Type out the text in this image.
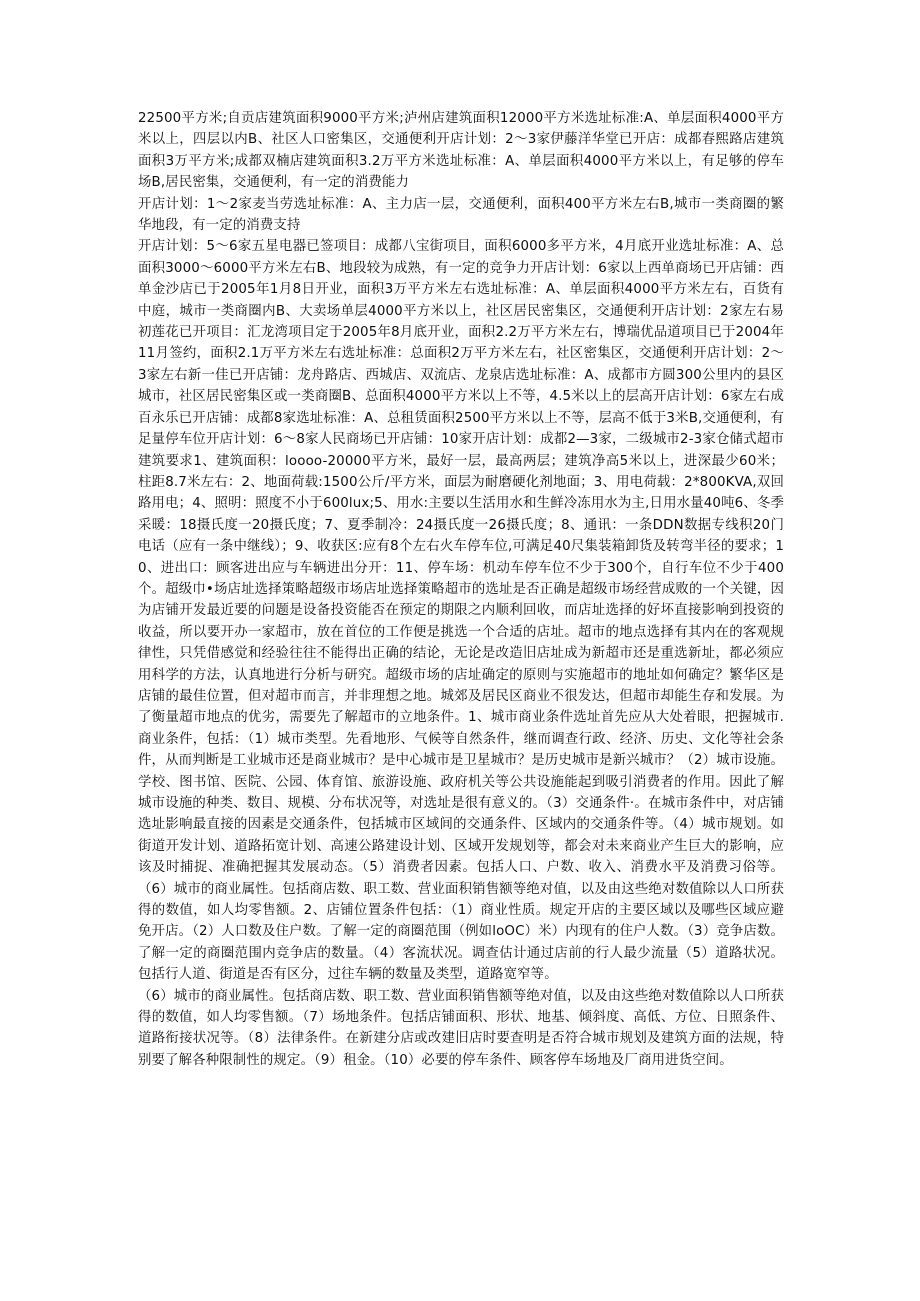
22500平方米;自贡店建筑面积9000平方米;泸州店建筑面积12000平方米选址标准:A、单层面积4000平方米以上，四层以内B、社区人口密集区，交通便利开店计划：2～3家伊藤洋华堂已开店：成都春熙路店建筑面积3万平方米;成都双楠店建筑面积3.2万平方米选址标准：A、单层面积4000平方米以上，有足够的停车场B,居民密集，交通便利，有一定的消费能力

开店计划：1～2家麦当劳选址标准：A、主力店一层，交通便利，面积400平方米左右B,城市一类商圈的繁华地段，有一定的消费支持

开店计划：5～6家五星电器已签项目：成都八宝街项目，面积6000多平方米，4月底开业选址标准：A、总面积3000～6000平方米左右B、地段较为成熟，有一定的竞争力开店计划：6家以上西单商场已开店铺：西单金沙店已于2005年1月8日开业，面积3万平方米左右选址标准：A、单层面积4000平方米左右，百货有中庭，城市一类商圈内B、大卖场单层4000平方米以上，社区居民密集区，交通便利开店计划：2家左右易初莲花已开项目：汇龙湾项目定于2005年8月底开业，面积2.2万平方米左右，博瑞优品道项目已于2004年11月签约，面积2.1万平方米左右选址标准：总面积2万平方米左右，社区密集区，交通便利开店计划：2～3家左右新一佳已开店铺：龙舟路店、西城店、双流店、龙泉店选址标准：A、成都市方圆300公里内的县区城市，社区居民密集区或一类商圈B、总面积4000平方米以上不等，4.5米以上的层高开店计划：6家左右成百永乐已开店铺：成都8家选址标准：A、总租赁面积2500平方米以上不等，层高不低于3米B,交通便利，有足量停车位开店计划：6～8家人民商场已开店铺：10家开店计划：成都2—3家，二级城市2-3家仓储式超市建筑要求1、建筑面积：loooo-20000平方米，最好一层，最高两层；建筑净高5米以上，进深最少60米；柱距8.7米左右：2、地面荷载:1500公斤/平方米，面层为耐磨硬化剂地面；3、用电荷载：2*800KVA,双回路用电；4、照明：照度不小于600lux;5、用水:主要以生活用水和生鲜冷冻用水为主,日用水量40吨6、冬季采暖：18摄氏度一20摄氏度；7、夏季制冷：24摄氏度一26摄氏度；8、通讯：一条DDN数据专线积20门电话（应有一条中继线）；9、收获区:应有8个左右火车停车位,可满足40尺集装箱卸货及转弯半径的要求；10、进出口：顾客进出应与车辆进出分开：11、停车场：机动车停车位不少于300个，自行车位不少于400个。超级巾•场店址选择策略超级市场店址选择策略超市的选址是否正确是超级市场经营成败的一个关键，因为店铺开发最近要的问题是设备投资能否在预定的期限之内顺利回收，而店址选择的好坏直接影响到投资的收益，所以要开办一家超市，放在首位的工作便是挑选一个合适的店址。超市的地点选择有其内在的客观规律性，只凭借感觉和经验往往不能得出正确的结论，无论是改造旧店址成为新超市还是重选新址，都必须应用科学的方法，认真地进行分析与研究。超级市场的店址确定的原则与实施超市的地址如何确定？繁华区是店铺的最佳位置，但对超市而言，并非理想之地。城郊及居民区商业不很发达，但超市却能生存和发展。为了衡量超市地点的优劣，需要先了解超市的立地条件。1、城市商业条件选址首先应从大处着眼，把握城市.商业条件，包括：（1）城市类型。先看地形、气候等自然条件，继而调查行政、经济、历史、文化等社会条件，从而判断是工业城市还是商业城市？是中心城市是卫星城市？是历史城市是新兴城市？（2）城市设施。学校、图书馆、医院、公园、体育馆、旅游设施、政府机关等公共设施能起到吸引消费者的作用。因此了解城市设施的种类、数目、规模、分布状况等，对选址是很有意义的。（3）交通条件·。在城市条件中，对店铺选址影响最直接的因素是交通条件，包括城市区域间的交通条件、区域内的交通条件等。（4）城市规划。如街道开发计划、道路拓宽计划、高速公路建设计划、区域开发规划等，都会对未来商业产生巨大的影响，应该及时捕捉、准确把握其发展动态。（5）消费者因素。包括人口、户数、收入、消费水平及消费习俗等。（6）城市的商业属性。包括商店数、职工数、营业面积销售额等绝对值，以及由这些绝对数值除以人口所获得的数值，如人均零售额。2、店铺位置条件包括：（1）商业性质。规定开店的主要区域以及哪些区域应避免开店。（2）人口数及住户数。了解一定的商圈范围（例如loOC）米）内现有的住户人数。（3）竞争店数。了解一定的商圈范围内竞争店的数量。（4）客流状况。调查估计通过店前的行人最少流量（5）道路状况。包括行人道、街道是否有区分，过往车辆的数量及类型，道路宽窄等。

（6）城市的商业属性。包括商店数、职工数、营业面积销售额等绝对值，以及由这些绝对数值除以人口所获得的数值，如人均零售额。（7）场地条件。包括店铺面积、形状、地基、倾斜度、高低、方位、日照条件、道路衔接状况等。（8）法律条件。在新建分店或改建旧店时要查明是否符合城市规划及建筑方面的法规，特别要了解各种限制性的规定。（9）租金。（10）必要的停车条件、顾客停车场地及厂商用进货空间。
